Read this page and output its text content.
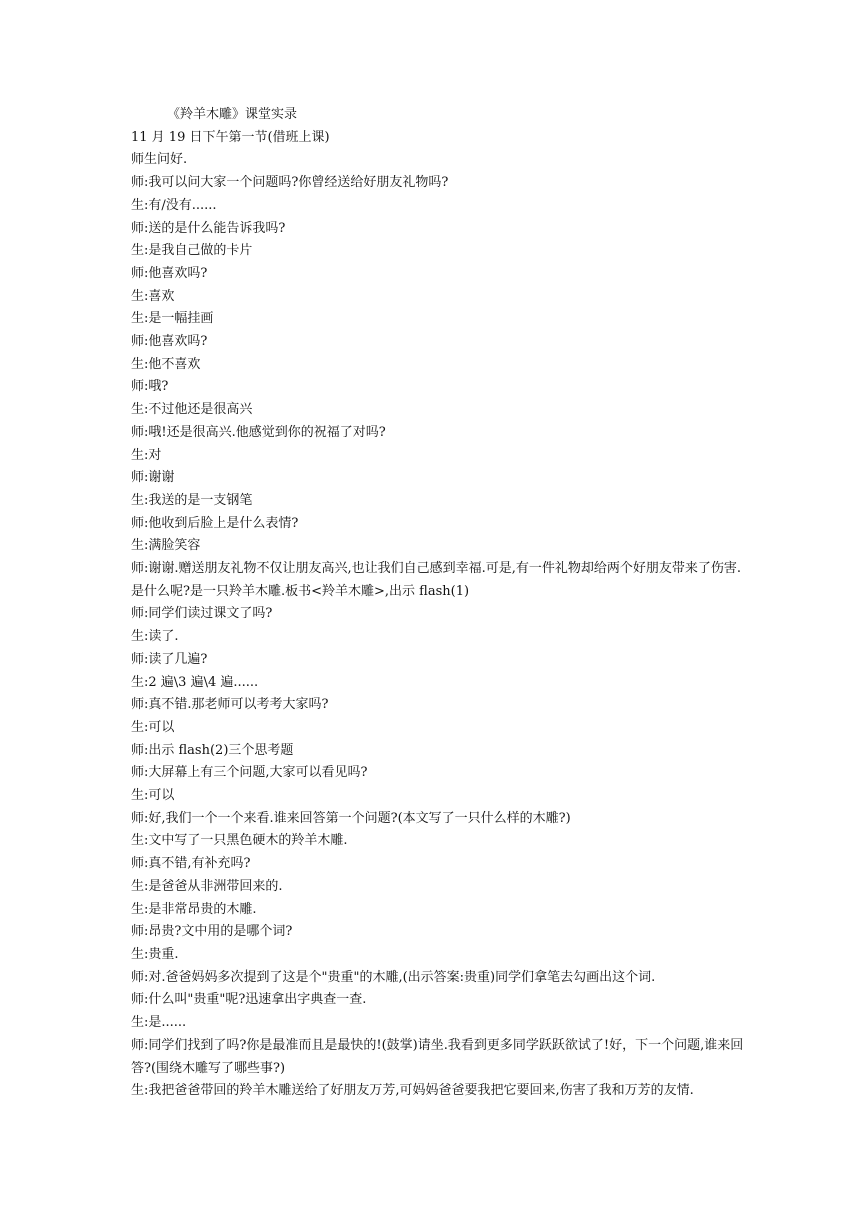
《羚羊木雕》课堂实录
11 月 19 日下午第一节(借班上课)
师生问好.
师:我可以问大家一个问题吗?你曾经送给好朋友礼物吗?
生:有/没有......
师:送的是什么能告诉我吗?
生:是我自己做的卡片
师:他喜欢吗?
生:喜欢
生:是一幅挂画
师:他喜欢吗?
生:他不喜欢
师:哦?
生:不过他还是很高兴
师:哦!还是很高兴.他感觉到你的祝福了对吗?
生:对
师:谢谢
生:我送的是一支钢笔
师:他收到后脸上是什么表情?
生:满脸笑容
师:谢谢.赠送朋友礼物不仅让朋友高兴,也让我们自己感到幸福.可是,有一件礼物却给两个好朋友带来了伤害.是什么呢?是一只羚羊木雕.板书<羚羊木雕>,出示 flash(1)
师:同学们读过课文了吗?
生:读了.
师:读了几遍?
生:2 遍\3 遍\4 遍......
师:真不错.那老师可以考考大家吗?
生:可以
师:出示 flash(2)三个思考题
师:大屏幕上有三个问题,大家可以看见吗?
生:可以
师:好,我们一个一个来看.谁来回答第一个问题?(本文写了一只什么样的木雕?)
生:文中写了一只黑色硬木的羚羊木雕.
师:真不错,有补充吗?
生:是爸爸从非洲带回来的.
生:是非常昂贵的木雕.
师:昂贵?文中用的是哪个词?
生:贵重.
师:对.爸爸妈妈多次提到了这是个"贵重"的木雕,(出示答案:贵重)同学们拿笔去勾画出这个词.
师:什么叫"贵重"呢?迅速拿出字典查一查.
生:是......
师:同学们找到了吗?你是最准而且是最快的!(鼓掌)请坐.我看到更多同学跃跃欲试了!好，下一个问题,谁来回答?(围绕木雕写了哪些事?)
生:我把爸爸带回的羚羊木雕送给了好朋友万芳,可妈妈爸爸要我把它要回来,伤害了我和万芳的友情.
